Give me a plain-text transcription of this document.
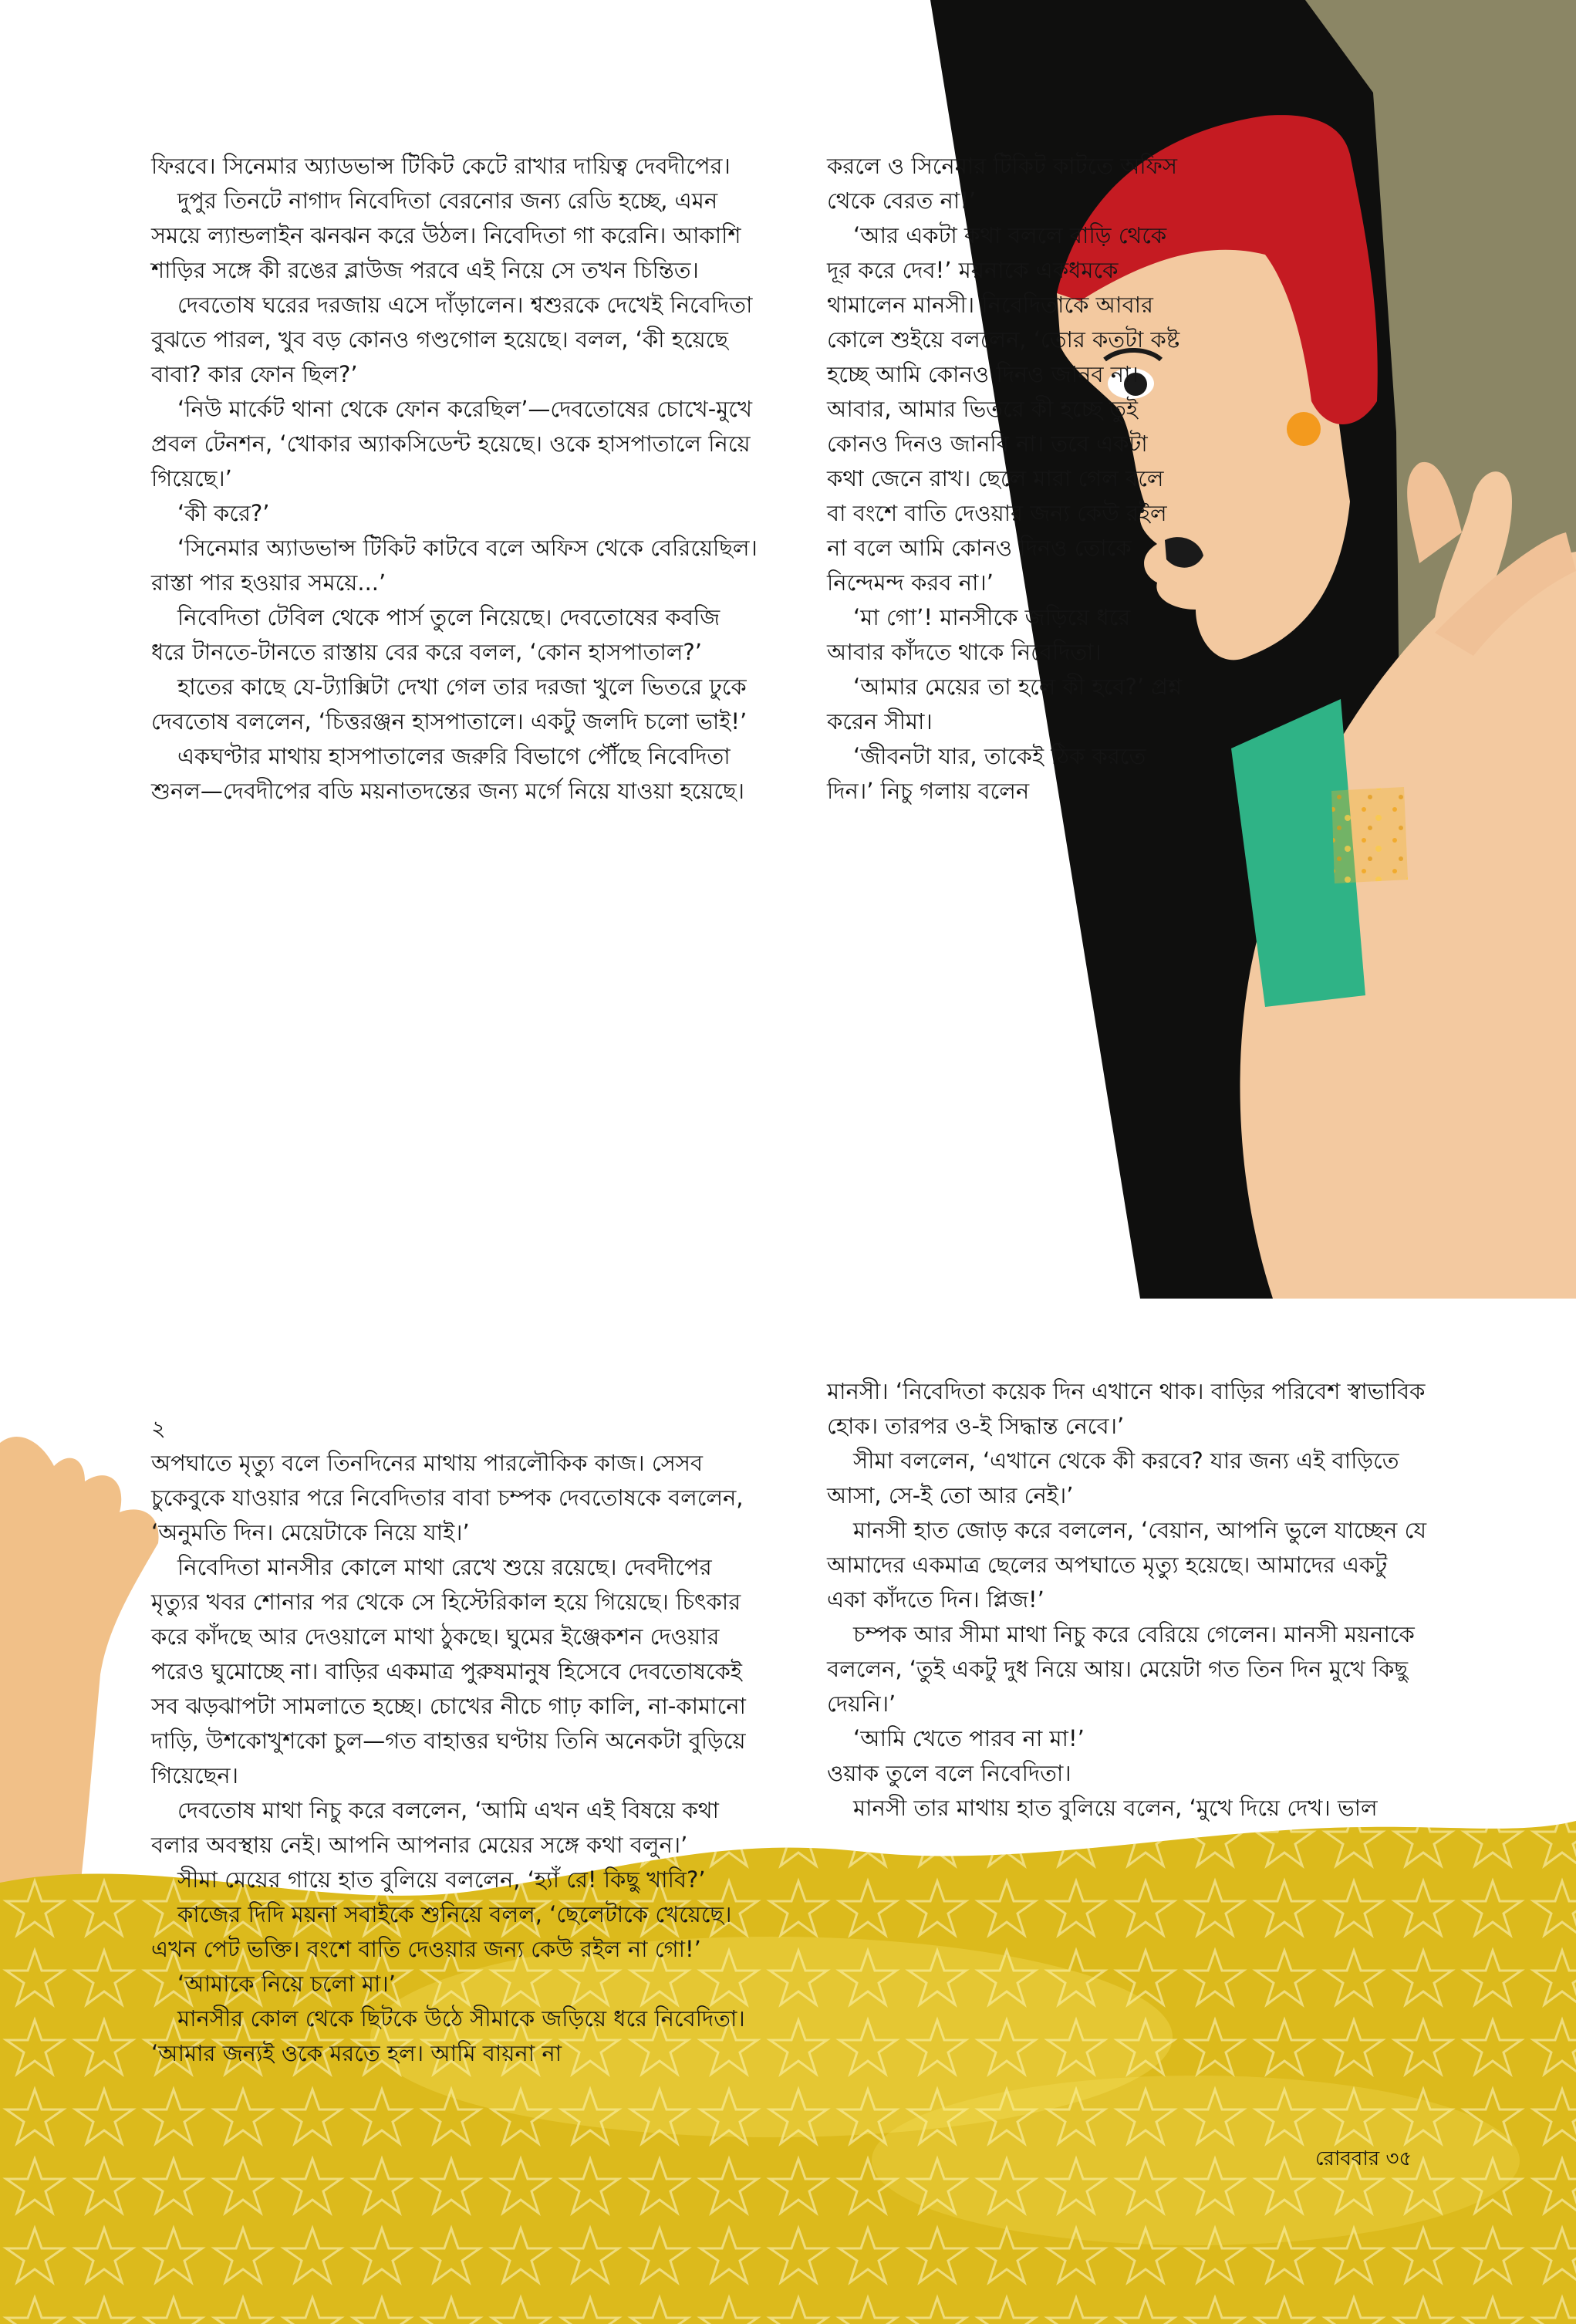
ফিরবে। সিনেমার অ্যাডভান্স টিকিট কেটে রাখার দায়িত্ব দেবদীপের।

দুপুর তিনটে নাগাদ নিবেদিতা বেরনোর জন্য রেডি হচ্ছে, এমন সময়ে ল্যান্ডলাইন ঝনঝন করে উঠল। নিবেদিতা গা করেনি। আকাশি শাড়ির সঙ্গে কী রঙের ব্লাউজ পরবে এই নিয়ে সে তখন চিন্তিত।

দেবতোষ ঘরের দরজায় এসে দাঁড়ালেন। শ্বশুরকে দেখেই নিবেদিতা বুঝতে পারল, খুব বড় কোনও গণ্ডগোল হয়েছে। বলল, ‘কী হয়েছে বাবা? কার ফোন ছিল?’

‘নিউ মার্কেট থানা থেকে ফোন করেছিল’—দেবতোষের চোখে-মুখে প্রবল টেনশন, ‘খোকার অ্যাকসিডেন্ট হয়েছে। ওকে হাসপাতালে নিয়ে গিয়েছে।’

‘কী করে?’

‘সিনেমার অ্যাডভান্স টিকিট কাটবে বলে অফিস থেকে বেরিয়েছিল। রাস্তা পার হওয়ার সময়ে...’

নিবেদিতা টেবিল থেকে পার্স তুলে নিয়েছে। দেবতোষের কবজি ধরে টানতে-টানতে রাস্তায় বের করে বলল, ‘কোন হাসপাতাল?’

হাতের কাছে যে-ট্যাক্সিটা দেখা গেল তার দরজা খুলে ভিতরে ঢুকে দেবতোষ বললেন, ‘চিত্তরঞ্জন হাসপাতালে। একটু জলদি চলো ভাই!’

একঘণ্টার মাথায় হাসপাতালের জরুরি বিভাগে পৌঁছে নিবেদিতা শুনল—দেবদীপের বডি ময়নাতদন্তের জন্য মর্গে নিয়ে যাওয়া হয়েছে।

২

অপঘাতে মৃত্যু বলে তিনদিনের মাথায় পারলৌকিক কাজ। সেসব চুকেবুকে যাওয়ার পরে নিবেদিতার বাবা চম্পক দেবতোষকে বললেন, ‘অনুমতি দিন। মেয়েটাকে নিয়ে যাই।’

নিবেদিতা মানসীর কোলে মাথা রেখে শুয়ে রয়েছে। দেবদীপের মৃত্যুর খবর শোনার পর থেকে সে হিস্টেরিকাল হয়ে গিয়েছে। চিৎকার করে কাঁদছে আর দেওয়ালে মাথা ঠুকছে। ঘুমের ইঞ্জেকশন দেওয়ার পরেও ঘুমোচ্ছে না। বাড়ির একমাত্র পুরুষমানুষ হিসেবে দেবতোষকেই সব ঝড়ঝাপটা সামলাতে হচ্ছে। চোখের নীচে গাঢ় কালি, না-কামানো দাড়ি, উশকোখুশকো চুল—গত বাহাত্তর ঘণ্টায় তিনি অনেকটা বুড়িয়ে গিয়েছেন।

দেবতোষ মাথা নিচু করে বললেন, ‘আমি এখন এই বিষয়ে কথা বলার অবস্থায় নেই। আপনি আপনার মেয়ের সঙ্গে কথা বলুন।’

সীমা মেয়ের গায়ে হাত বুলিয়ে বললেন, ‘হ্যাঁ রে! কিছু খাবি?’

কাজের দিদি ময়না সবাইকে শুনিয়ে বলল, ‘ছেলেটাকে খেয়েছে। এখন পেট ভক্তি। বংশে বাতি দেওয়ার জন্য কেউ রইল না গো!’

‘আমাকে নিয়ে চলো মা।’

মানসীর কোল থেকে ছিটকে উঠে সীমাকে জড়িয়ে ধরে নিবেদিতা। ‘আমার জন্যই ওকে মরতে হল। আমি বায়না না

করলে ও সিনেমার টিকিট কাটতে অফিস থেকে বেরত না!’

‘আর একটা কথা বললে বাড়ি থেকে দূর করে দেব!’ ময়নাকে একধমকে থামালেন মানসী। নিবেদিতাকে আবার কোলে শুইয়ে বললেন, ‘তোর কতটা কষ্ট হচ্ছে আমি কোনও দিনও জানব না। আবার, আমার ভিতরে কী হচ্ছে তুই কোনও দিনও জানবি না। তবে একটা কথা জেনে রাখ। ছেলে মারা গেল বলে বা বংশে বাতি দেওয়ার জন্য কেউ রইল না বলে আমি কোনও দিনও তোকে নিন্দেমন্দ করব না।’

‘মা গো’! মানসীকে জড়িয়ে ধরে আবার কাঁদতে থাকে নিবেদিতা।

‘আমার মেয়ের তা হলে কী হবে?’ প্রশ্ন করেন সীমা।

‘জীবনটা যার, তাকেই ঠিক করতে দিন।’ নিচু গলায় বলেন

মানসী। ‘নিবেদিতা কয়েক দিন এখানে থাক। বাড়ির পরিবেশ স্বাভাবিক হোক। তারপর ও-ই সিদ্ধান্ত নেবে।’

সীমা বললেন, ‘এখানে থেকে কী করবে? যার জন্য এই বাড়িতে আসা, সে-ই তো আর নেই।’

মানসী হাত জোড় করে বললেন, ‘বেয়ান, আপনি ভুলে যাচ্ছেন যে আমাদের একমাত্র ছেলের অপঘাতে মৃত্যু হয়েছে। আমাদের একটু একা কাঁদতে দিন। প্লিজ!’

চম্পক আর সীমা মাথা নিচু করে বেরিয়ে গেলেন। মানসী ময়নাকে বললেন, ‘তুই একটু দুধ নিয়ে আয়। মেয়েটা গত তিন দিন মুখে কিছু দেয়নি।’

‘আমি খেতে পারব না মা!’

ওয়াক তুলে বলে নিবেদিতা।

মানসী তার মাথায় হাত বুলিয়ে বলেন, ‘মুখে দিয়ে দেখ। ভাল

রোববার ৩৫
